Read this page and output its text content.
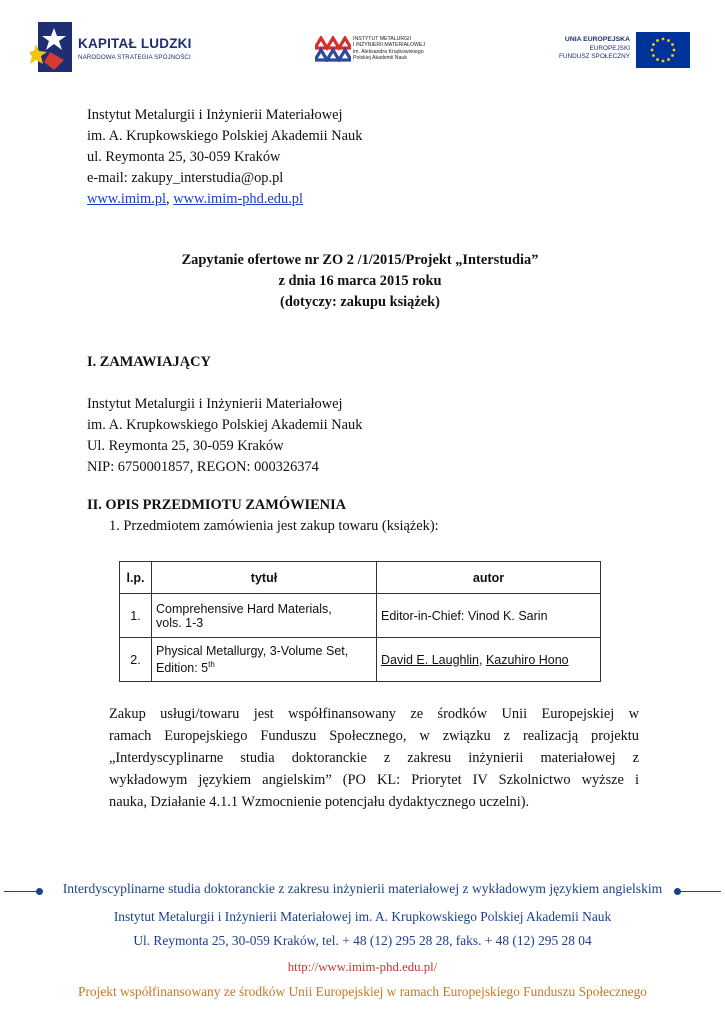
KAPITAŁ LUDZKI
NARODOWA STRATEGIA SPÓJNOŚCI
INSTYTUT METALURGII
I INŻYNIERII MATERIAŁOWEJ
im. Aleksandra Krupkowskiego
Polskiej Akademii Nauk
UNIA EUROPEJSKA
EUROPEJSKI
FUNDUSZ SPOŁECZNY
Instytut Metalurgii i Inżynierii Materiałowej
im. A. Krupkowskiego Polskiej Akademii Nauk
ul. Reymonta 25, 30-059 Kraków
e-mail: zakupy_interstudia@op.pl
www.imim.pl, www.imim-phd.edu.pl
Zapytanie ofertowe nr ZO 2 /1/2015/Projekt „Interstudia”
z dnia 16 marca 2015 roku
(dotyczy: zakupu książek)
I. ZAMAWIAJĄCY
Instytut Metalurgii i Inżynierii Materiałowej
im. A. Krupkowskiego Polskiej Akademii Nauk
Ul. Reymonta 25, 30-059 Kraków
NIP: 6750001857, REGON: 000326374
II. OPIS PRZEDMIOTU ZAMÓWIENIA
1. Przedmiotem zamówienia jest zakup towaru (książek):
l.p.	tytuł	autor
1.	Comprehensive Hard Materials,
vols. 1-3	Editor-in-Chief: Vinod K. Sarin
2.	Physical Metallurgy, 3-Volume Set,
Edition: 5th	David E. Laughlin, Kazuhiro Hono
Zakup usługi/towaru jest współfinansowany ze środków Unii Europejskiej w
ramach Europejskiego Funduszu Społecznego, w związku z realizacją projektu
„Interdyscyplinarne studia doktoranckie z zakresu inżynierii materiałowej z
wykładowym językiem angielskim” (PO KL: Priorytet IV Szkolnictwo wyższe i
nauka, Działanie 4.1.1 Wzmocnienie potencjału dydaktycznego uczelni).
Interdyscyplinarne studia doktoranckie z zakresu inżynierii materiałowej z wykładowym językiem angielskim
Instytut Metalurgii i Inżynierii Materiałowej im. A. Krupkowskiego Polskiej Akademii Nauk
Ul. Reymonta 25, 30-059 Kraków, tel. + 48 (12) 295 28 28, faks. + 48 (12) 295 28 04
http://www.imim-phd.edu.pl/
Projekt współfinansowany ze środków Unii Europejskiej w ramach Europejskiego Funduszu Społecznego
